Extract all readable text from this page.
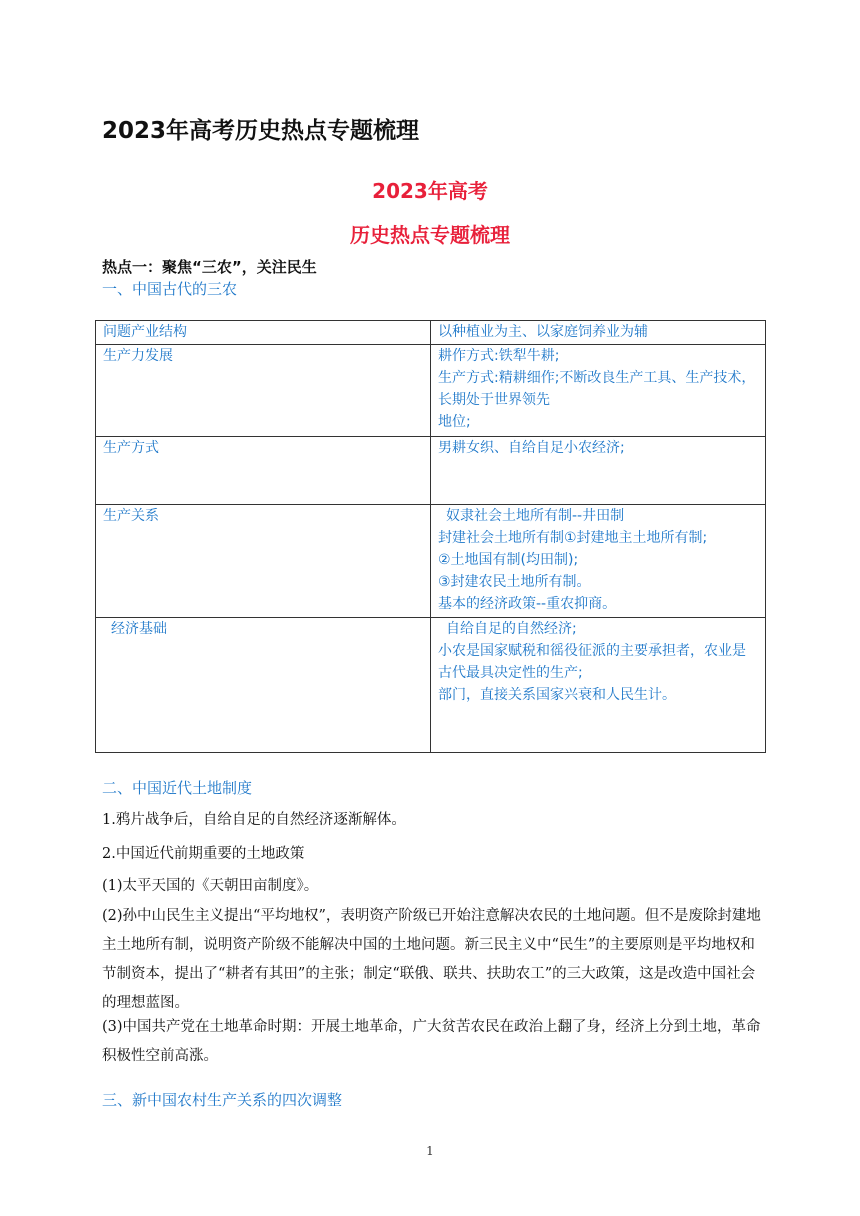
2023年高考历史热点专题梳理
2023年高考
历史热点专题梳理
热点一：聚焦“三农”，关注民生
一、中国古代的三农
问题产业结构	以种植业为主、以家庭饲养业为辅

生产力发展	耕作方式:铁犁牛耕;
生产方式:精耕细作;不断改良生产工具、生产技术，长期处于世界领先
地位;

生产方式	男耕女织、自给自足小农经济;

生产关系	奴隶社会土地所有制--井田制
封建社会土地所有制①封建地主土地所有制;
②土地国有制(均田制);
③封建农民土地所有制。
基本的经济政策--重农抑商。

经济基础	自给自足的自然经济;
小农是国家赋税和徭役征派的主要承担者，农业是古代最具决定性的生产;
部门，直接关系国家兴衰和人民生计。
二、中国近代土地制度

1.鸦片战争后，自给自足的自然经济逐渐解体。

2.中国近代前期重要的土地政策

(1)太平天国的《天朝田亩制度》。

(2)孙中山民生主义提出“平均地权”，表明资产阶级已开始注意解决农民的土地问题。但不是废除封建地主土地所有制，说明资产阶级不能解决中国的土地问题。新三民主义中“民生”的主要原则是平均地权和节制资本，提出了“耕者有其田”的主张；制定“联俄、联共、扶助农工”的三大政策，这是改造中国社会的理想蓝图。

(3)中国共产党在土地革命时期：开展土地革命，广大贫苦农民在政治上翻了身，经济上分到土地，革命积极性空前高涨。

三、新中国农村生产关系的四次调整

1
